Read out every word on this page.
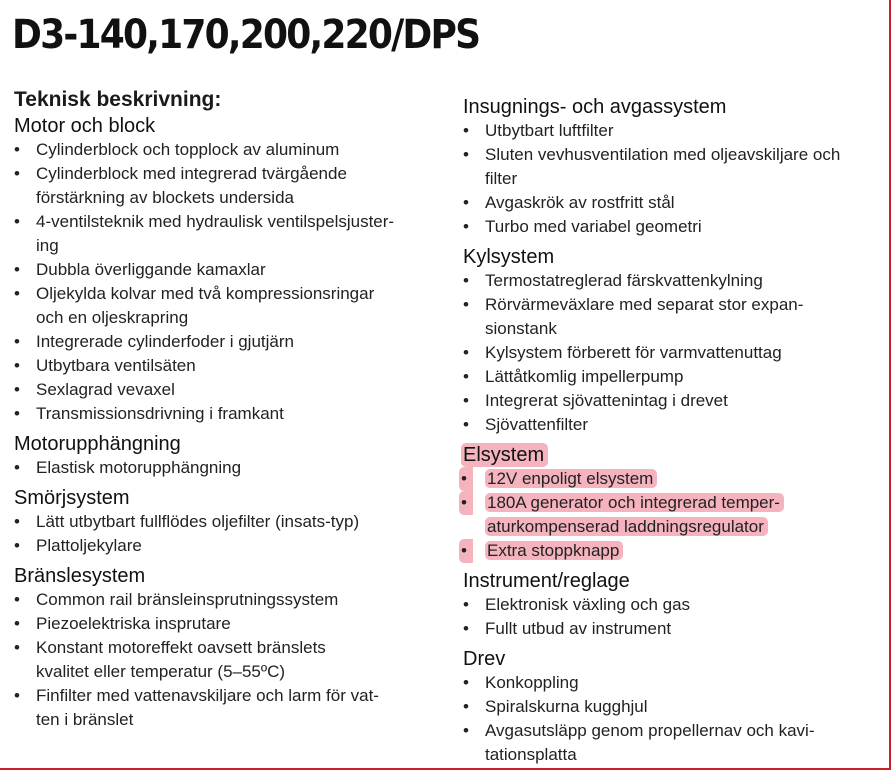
D3-140,170,200,220/DPS
Teknisk beskrivning:
Motor och block
• Cylinderblock och topplock av aluminum
• Cylinderblock med integrerad tvärgående
förstärkning av blockets undersida
• 4-ventilsteknik med hydraulisk ventilspelsjuster-
ing
• Dubbla överliggande kamaxlar
• Oljekylda kolvar med två kompressionsringar
och en oljeskrapring
• Integrerade cylinderfoder i gjutjärn
• Utbytbara ventilsäten
• Sexlagrad vevaxel
• Transmissionsdrivning i framkant
Motorupphängning
• Elastisk motorupphängning
Smörjsystem
• Lätt utbytbart fullflödes oljefilter (insats-typ)
• Plattoljekylare
Bränslesystem
• Common rail bränsleinsprutningssystem
• Piezoelektriska insprutare
• Konstant motoreffekt oavsett bränslets
kvalitet eller temperatur (5–55ºC)
• Finfilter med vattenavskiljare och larm för vat-
ten i bränslet
Insugnings- och avgassystem
• Utbytbart luftfilter
• Sluten vevhusventilation med oljeavskiljare och
filter
• Avgaskrök av rostfritt stål
• Turbo med variabel geometri
Kylsystem
• Termostatreglerad färskvattenkylning
• Rörvärmeväxlare med separat stor expan-
sionstank
• Kylsystem förberett för varmvattenuttag
• Lättåtkomlig impellerpump
• Integrerat sjövattenintag i drevet
• Sjövattenfilter
Elsystem
• 12V enpoligt elsystem
• 180A generator och integrerad temper-
aturkompenserad laddningsregulator
• Extra stoppknapp
Instrument/reglage
• Elektronisk växling och gas
• Fullt utbud av instrument
Drev
• Konkoppling
• Spiralskurna kugghjul
• Avgasutsläpp genom propellernav och kavi-
tationsplatta
